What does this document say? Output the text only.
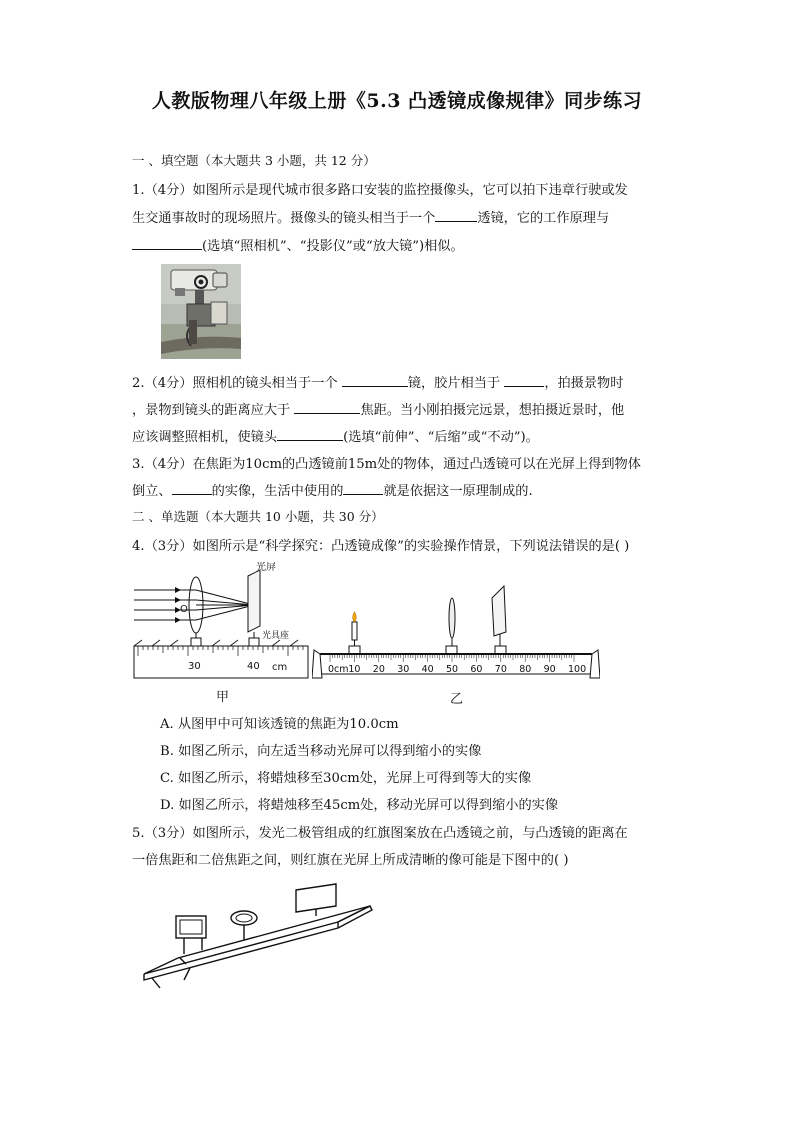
人教版物理八年级上册《5.3 凸透镜成像规律》同步练习
一 、填空题（本大题共 3 小题，共 12 分）
1.（4分）如图所示是现代城市很多路口安装的监控摄像头，它可以拍下违章行驶或发
生交通事故时的现场照片。摄像头的镜头相当于一个	透镜，它的工作原理与
(选填“照相机”、“投影仪”或“放大镜”)相似。
2.（4分）照相机的镜头相当于一个	镜，胶片相当于	，拍摄景物时
，景物到镜头的距离应大于	焦距。当小刚拍摄完远景，想拍摄近景时，他
应该调整照相机，使镜头	(选填“前伸”、“后缩”或“不动”)。
3.（4分）在焦距为10cm的凸透镜前15m处的物体，通过凸透镜可以在光屏上得到物体
倒立、	的实像，生活中使用的	就是依据这一原理制成的.
二 、单选题（本大题共 10 小题，共 30 分）
4.（3分）如图所示是“科学探究：凸透镜成像”的实验操作情景，下列说法错误的是( )
光屏
O
光具座
30	40 cm
甲
0cm 10 20 30 40 50 60 70 80 90 100
乙
A. 从图甲中可知该透镜的焦距为10.0cm
B. 如图乙所示，向左适当移动光屏可以得到缩小的实像
C. 如图乙所示，将蜡烛移至30cm处，光屏上可得到等大的实像
D. 如图乙所示，将蜡烛移至45cm处，移动光屏可以得到缩小的实像
5.（3分）如图所示，发光二极管组成的红旗图案放在凸透镜之前，与凸透镜的距离在
一倍焦距和二倍焦距之间，则红旗在光屏上所成清晰的像可能是下图中的( )
